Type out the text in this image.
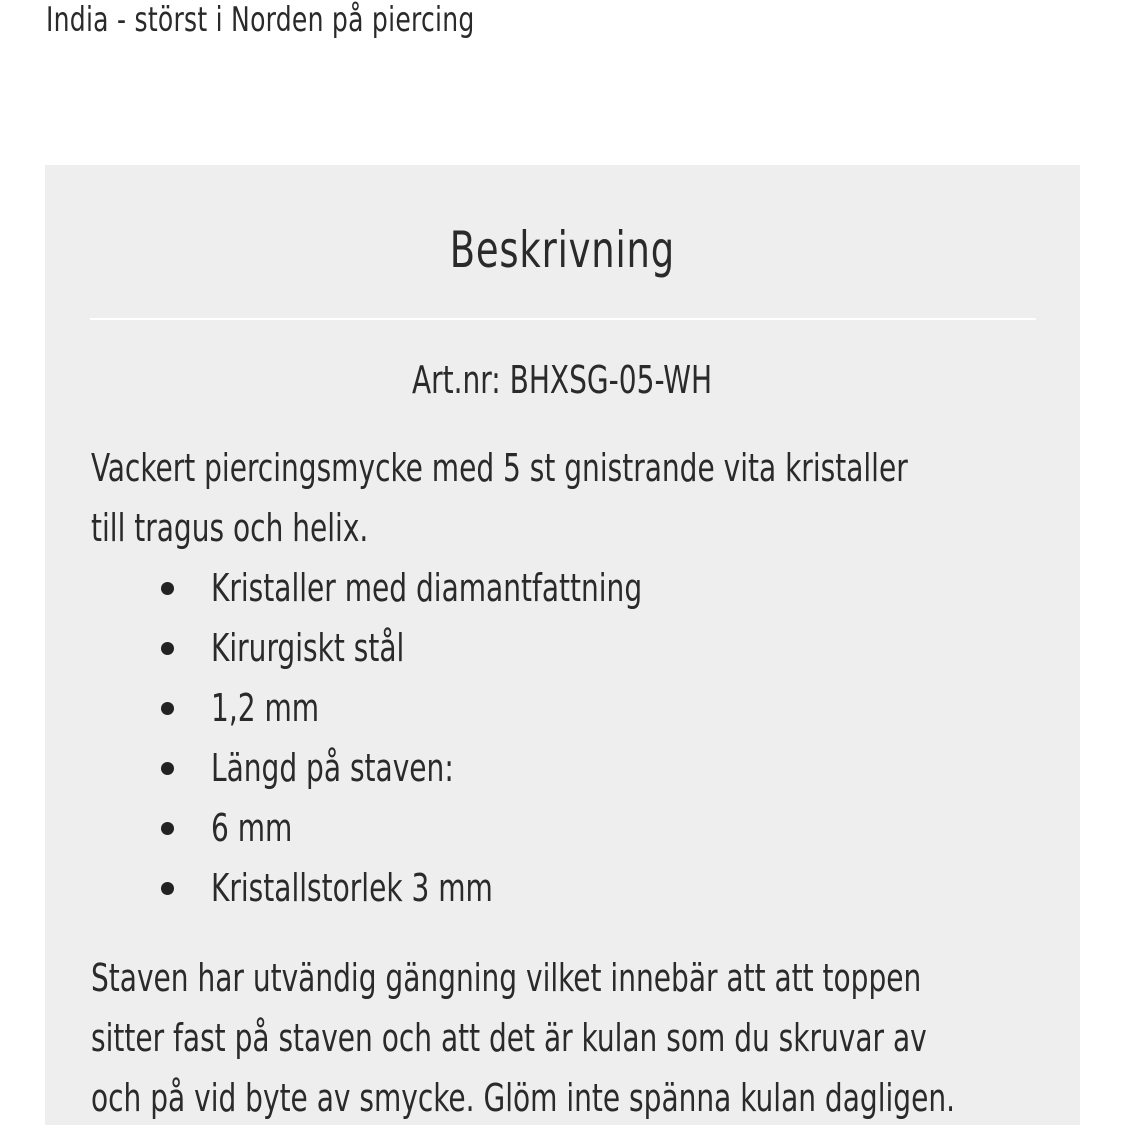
India - störst i Norden på piercing
Beskrivning
Art.nr: BHXSG-05-WH

Vackert piercingsmycke med 5 st gnistrande vita kristaller

till tragus och helix.

Kristaller med diamantfattning
Kirurgiskt stål
1,2 mm
Längd på staven:
6 mm
Kristallstorlek 3 mm

Staven har utvändig gängning vilket innebär att att toppen

sitter fast på staven och att det är kulan som du skruvar av

och på vid byte av smycke. Glöm inte spänna kulan dagligen.
